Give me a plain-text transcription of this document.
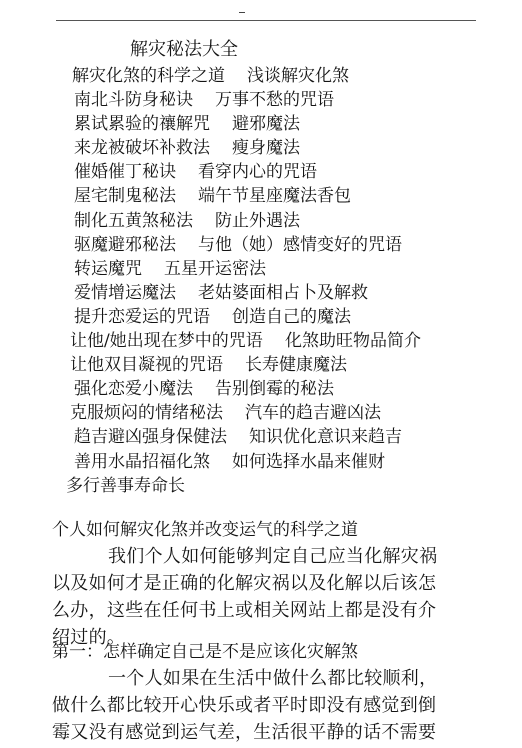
解灾秘法大全
解灾化煞的科学之道 浅谈解灾化煞
南北斗防身秘诀 万事不愁的咒语
累试累验的禳解咒 避邪魔法
来龙被破坏补救法 瘦身魔法
催婚催丁秘诀 看穿内心的咒语
屋宅制鬼秘法 端午节星座魔法香包
制化五黄煞秘法 防止外遇法
驱魔避邪秘法 与他（她）感情变好的咒语
转运魔咒 五星开运密法
爱情增运魔法 老姑婆面相占卜及解救
提升恋爱运的咒语 创造自己的魔法
让他/她出现在梦中的咒语 化煞助旺物品简介
让他双目凝视的咒语 长寿健康魔法
强化恋爱小魔法 告别倒霉的秘法
克服烦闷的情绪秘法 汽车的趋吉避凶法
趋吉避凶强身保健法 知识优化意识来趋吉
善用水晶招福化煞 如何选择水晶来催财
多行善事寿命长
个人如何解灾化煞并改变运气的科学之道
我们个人如何能够判定自己应当化解灾祸
以及如何才是正确的化解灾祸以及化解以后该怎
么办，这些在任何书上或相关网站上都是没有介
绍过的。
第一：怎样确定自己是不是应该化灾解煞
一个人如果在生活中做什么都比较顺利，
做什么都比较开心快乐或者平时即没有感觉到倒
霉又没有感觉到运气差，生活很平静的话不需要
